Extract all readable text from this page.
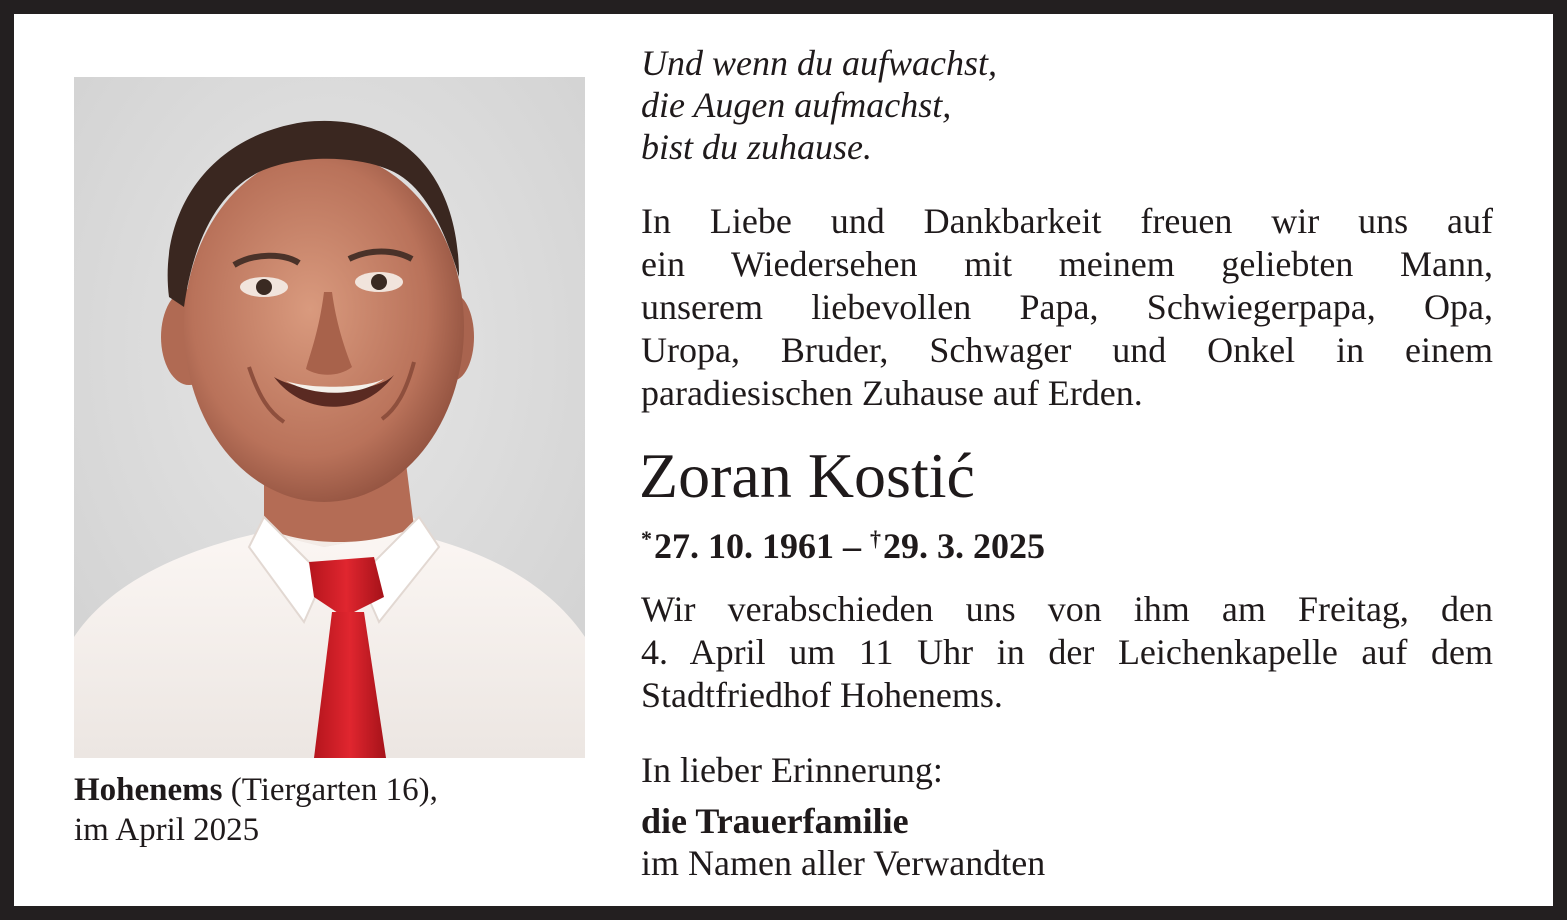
Hohenems (Tiergarten 16),
im April 2025
Und wenn du aufwachst,
die Augen aufmachst,
bist du zuhause.
In Liebe und Dankbarkeit freuen wir uns auf
ein Wiedersehen mit meinem geliebten Mann,
unserem liebevollen Papa, Schwiegerpapa, Opa,
Uropa, Bruder, Schwager und Onkel in einem
paradiesischen Zuhause auf Erden.
Zoran Kostić
*27. 10. 1961 – †29. 3. 2025
Wir verabschieden uns von ihm am Freitag, den
4. April um 11 Uhr in der Leichenkapelle auf dem
Stadtfriedhof Hohenems.
In lieber Erinnerung:
die Trauerfamilie
im Namen aller Verwandten
